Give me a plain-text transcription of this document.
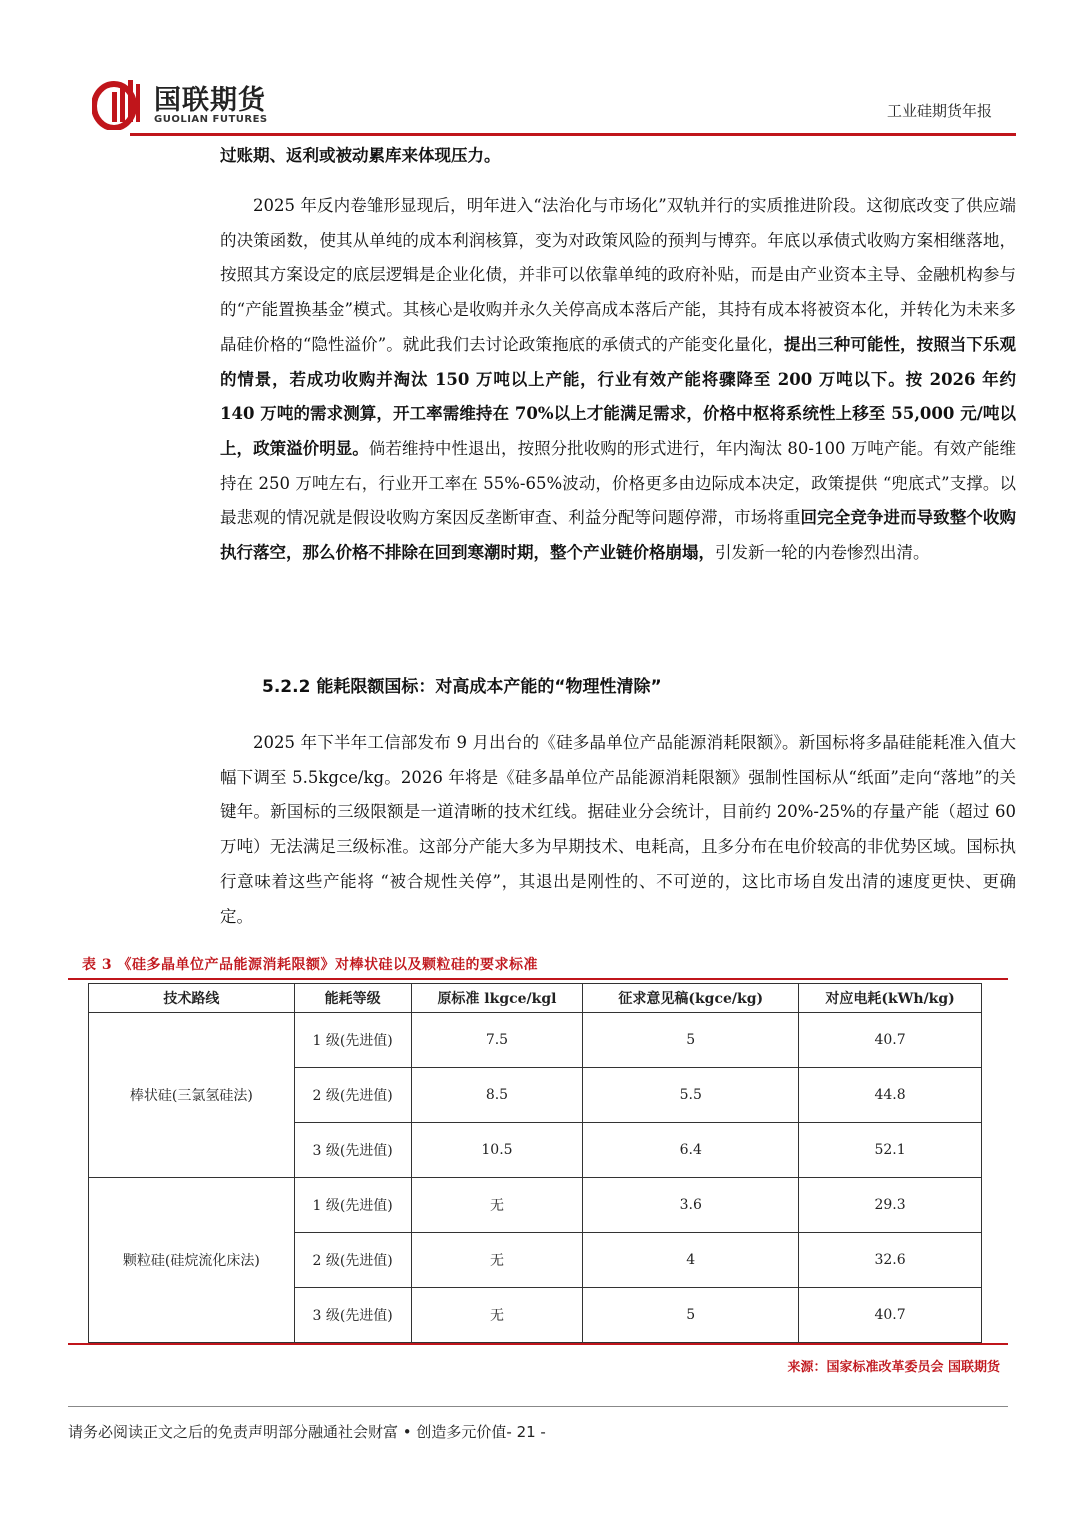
国联期货
GUOLIAN FUTURES	工业硅期货年报
过账期、返利或被动累库来体现压力。
2025 年反内卷雏形显现后，明年进入“法治化与市场化”双轨并行的实质推进阶段。这彻底改变了供应端的决策函数，使其从单纯的成本利润核算，变为对政策风险的预判与博弈。年底以承债式收购方案相继落地，按照其方案设定的底层逻辑是企业化债，并非可以依靠单纯的政府补贴，而是由产业资本主导、金融机构参与的“产能置换基金”模式。其核心是收购并永久关停高成本落后产能，其持有成本将被资本化，并转化为未来多晶硅价格的“隐性溢价”。就此我们去讨论政策拖底的承债式的产能变化量化，提出三种可能性，按照当下乐观的情景，若成功收购并淘汰 150 万吨以上产能，行业有效产能将骤降至 200 万吨以下。按 2026 年约 140 万吨的需求测算，开工率需维持在 70%以上才能满足需求，价格中枢将系统性上移至 55,000 元/吨以上，政策溢价明显。倘若维持中性退出，按照分批收购的形式进行，年内淘汰 80-100 万吨产能。有效产能维持在 250 万吨左右，行业开工率在 55%-65%波动，价格更多由边际成本决定，政策提供 “兜底式”支撑。以最悲观的情况就是假设收购方案因反垄断审查、利益分配等问题停滞，市场将重回完全竞争进而导致整个收购执行落空，那么价格不排除在回到寒潮时期，整个产业链价格崩塌，引发新一轮的内卷惨烈出清。
5.2.2 能耗限额国标：对高成本产能的“物理性清除”
2025 年下半年工信部发布 9 月出台的《硅多晶单位产品能源消耗限额》。新国标将多晶硅能耗准入值大幅下调至 5.5kgce/kg。2026 年将是《硅多晶单位产品能源消耗限额》强制性国标从“纸面”走向“落地”的关键年。新国标的三级限额是一道清晰的技术红线。据硅业分会统计，目前约 20%-25%的存量产能（超过 60 万吨）无法满足三级标准。这部分产能大多为早期技术、电耗高，且多分布在电价较高的非优势区域。国标执行意味着这些产能将 “被合规性关停”，其退出是刚性的、不可逆的，这比市场自发出清的速度更快、更确定。
表 3 《硅多晶单位产品能源消耗限额》对棒状硅以及颗粒硅的要求标准
技术路线	能耗等级	原标准 lkgce/kgl	征求意见稿(kgce/kg)	对应电耗(kWh/kg)
棒状硅(三氯氢硅法)	1 级(先进值)	7.5	5	40.7
	2 级(先进值)	8.5	5.5	44.8
	3 级(先进值)	10.5	6.4	52.1
颗粒硅(硅烷流化床法)	1 级(先进值)	无	3.6	29.3
	2 级(先进值)	无	4	32.6
	3 级(先进值)	无	5	40.7
来源：国家标准改革委员会 国联期货
请务必阅读正文之后的免责声明部分融通社会财富 • 创造多元价值- 21 -
